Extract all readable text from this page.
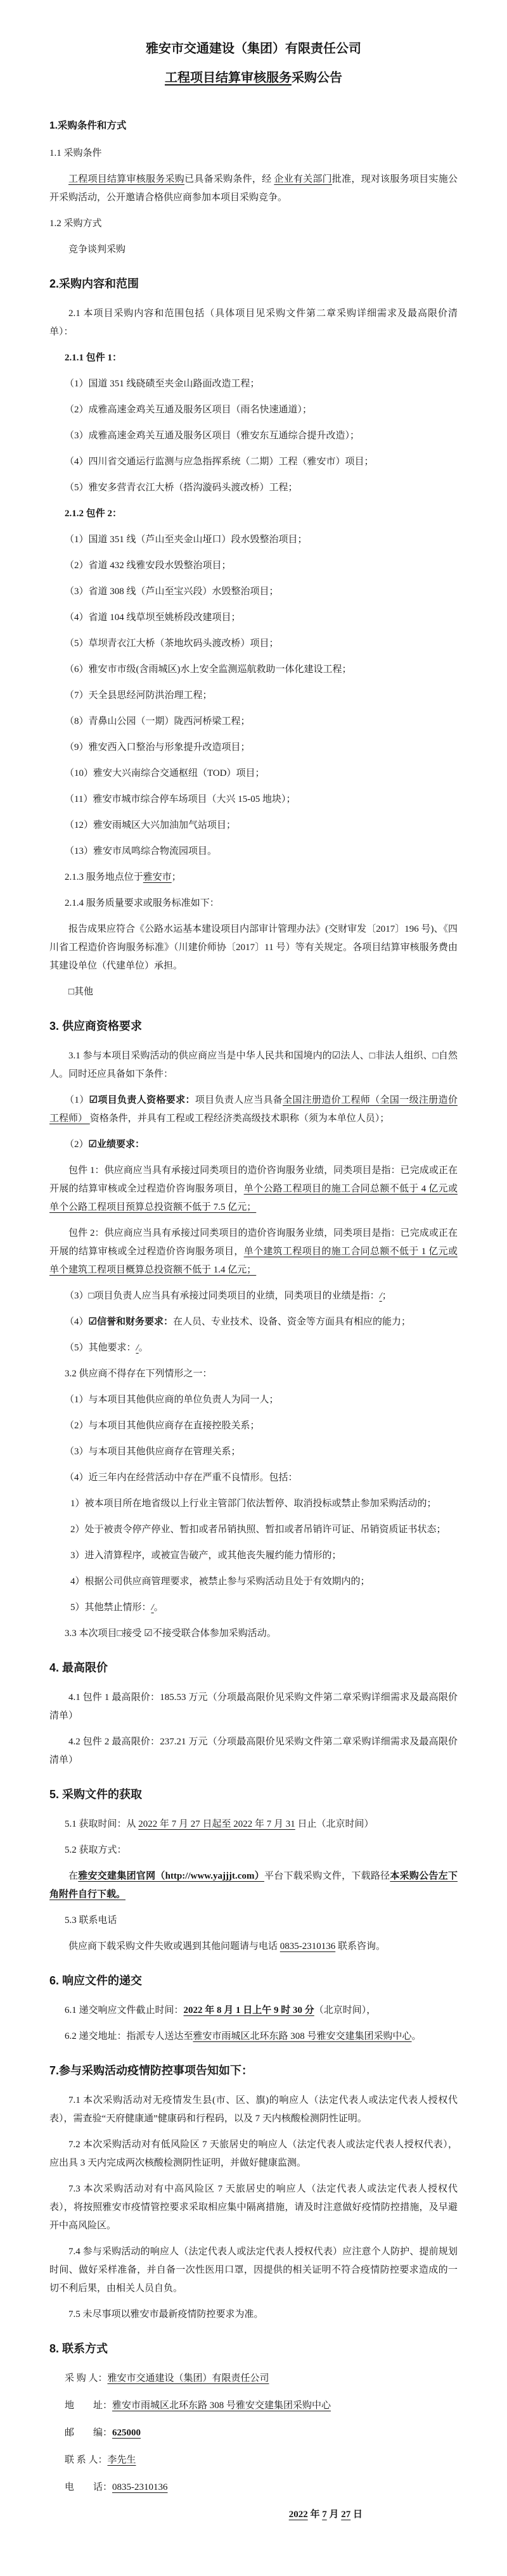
雅安市交通建设（集团）有限责任公司

工程项目结算审核服务采购公告

1.采购条件和方式

1.1 采购条件

工程项目结算审核服务采购已具备采购条件，经 企业有关部门批准，现对该服务项目实施公开采购活动，公开邀请合格供应商参加本项目采购竞争。

1.2 采购方式

竞争谈判采购

2.采购内容和范围

2.1 本项目采购内容和范围包括（具体项目见采购文件第二章采购详细需求及最高限价清单）：

2.1.1 包件 1：

（1）国道 351 线硗碛至夹金山路面改造工程；

（2）成雅高速金鸡关互通及服务区项目（雨名快速通道）；

（3）成雅高速金鸡关互通及服务区项目（雅安东互通综合提升改造）；

（4）四川省交通运行监测与应急指挥系统（二期）工程（雅安市）项目；

（5）雅安多营青衣江大桥（搭沟漩码头渡改桥）工程；

2.1.2 包件 2：

（1）国道 351 线（芦山至夹金山垭口）段水毁整治项目；

（2）省道 432 线雅安段水毁整治项目；

（3）省道 308 线（芦山至宝兴段）水毁整治项目；

（4）省道 104 线草坝至姚桥段改建项目；

（5）草坝青衣江大桥（茶地坎码头渡改桥）项目；

（6）雅安市市级(含雨城区)水上安全监测巡航救助一体化建设工程；

（7）天全县思经河防洪治理工程；

（8）青鼻山公园（一期）陇西河桥梁工程；

（9）雅安西入口整治与形象提升改造项目；

（10）雅安大兴南综合交通枢纽（TOD）项目；

（11）雅安市城市综合停车场项目（大兴 15-05 地块）；

（12）雅安雨城区大兴加油加气站项目；

（13）雅安市凤鸣综合物流园项目。

2.1.3 服务地点位于雅安市；

2.1.4 服务质量要求或服务标准如下：

报告成果应符合《公路水运基本建设项目内部审计管理办法》(交财审发〔2017〕196 号)、《四川省工程造价咨询服务标准》（川建价师协〔2017〕11 号）等有关规定。各项目结算审核服务费由其建设单位（代建单位）承担。

□其他

3. 供应商资格要求

3.1 参与本项目采购活动的供应商应当是中华人民共和国境内的☑法人、□非法人组织、□自然人。同时还应具备如下条件：

（1）☑项目负责人资格要求：项目负责人应当具备全国注册造价工程师（全国一级注册造价工程师） 资格条件，并具有工程或工程经济类高级技术职称（须为本单位人员）；

（2）☑业绩要求：

包件 1：供应商应当具有承接过同类项目的造价咨询服务业绩，同类项目是指：已完成或正在开展的结算审核或全过程造价咨询服务项目，单个公路工程项目的施工合同总额不低于 4 亿元或单个公路工程项目预算总投资额不低于 7.5 亿元；

包件 2：供应商应当具有承接过同类项目的造价咨询服务业绩，同类项目是指：已完成或正在开展的结算审核或全过程造价咨询服务项目，单个建筑工程项目的施工合同总额不低于 1 亿元或单个建筑工程项目概算总投资额不低于 1.4 亿元；

（3）□项目负责人应当具有承接过同类项目的业绩，同类项目的业绩是指：/；

（4）☑信誉和财务要求：在人员、专业技术、设备、资金等方面具有相应的能力；

（5）其他要求：/。

3.2 供应商不得存在下列情形之一：

（1）与本项目其他供应商的单位负责人为同一人；

（2）与本项目其他供应商存在直接控股关系；

（3）与本项目其他供应商存在管理关系；

（4）近三年内在经营活动中存在严重不良情形。包括：

1）被本项目所在地省级以上行业主管部门依法暂停、取消投标或禁止参加采购活动的；

2）处于被责令停产停业、暂扣或者吊销执照、暂扣或者吊销许可证、吊销资质证书状态；

3）进入清算程序，或被宣告破产，或其他丧失履约能力情形的；

4）根据公司供应商管理要求，被禁止参与采购活动且处于有效期内的；

5）其他禁止情形：/。

3.3 本次项目□接受 ☑不接受联合体参加采购活动。

4. 最高限价

4.1 包件 1 最高限价：185.53 万元（分项最高限价见采购文件第二章采购详细需求及最高限价清单）

4.2 包件 2 最高限价：237.21 万元（分项最高限价见采购文件第二章采购详细需求及最高限价清单）

5. 采购文件的获取

5.1 获取时间：从 2022 年 7 月 27 日起至 2022 年 7 月 31 日止（北京时间）

5.2 获取方式：

在雅安交建集团官网（http://www.yajjjt.com）平台下载采购文件，下载路径本采购公告左下角附件自行下载。

5.3 联系电话

供应商下载采购文件失败或遇到其他问题请与电话 0835-2310136 联系咨询。

6. 响应文件的递交

6.1 递交响应文件截止时间：2022 年 8 月 1 日上午 9 时 30 分（北京时间），

6.2 递交地址：指派专人送达至雅安市雨城区北环东路 308 号雅安交建集团采购中心。

7.参与采购活动疫情防控事项告知如下：

7.1 本次采购活动对无疫情发生县(市、区、旗)的响应人（法定代表人或法定代表人授权代表），需查验“天府健康通”健康码和行程码，以及 7 天内核酸检测阴性证明。

7.2 本次采购活动对有低风险区 7 天旅居史的响应人（法定代表人或法定代表人授权代表），应出具 3 天内完成两次核酸检测阴性证明，并做好健康监测。

7.3 本次采购活动对有中高风险区 7 天旅居史的响应人（法定代表人或法定代表人授权代表），将按照雅安市疫情管控要求采取相应集中隔离措施，请及时注意做好疫情防控措施，及早避开中高风险区。

7.4 参与采购活动的响应人（法定代表人或法定代表人授权代表）应注意个人防护、提前规划时间、做好采样准备，并自备一次性医用口罩，因提供的相关证明不符合疫情防控要求造成的一切不利后果，由相关人员自负。

7.5 未尽事项以雅安市最新疫情防控要求为准。

8. 联系方式

采 购 人：雅安市交通建设（集团）有限责任公司

地　　址：雅安市雨城区北环东路 308 号雅安交建集团采购中心

邮　　编：625000

联 系 人：李先生

电　　话：0835-2310136

2022 年 7 月 27 日
